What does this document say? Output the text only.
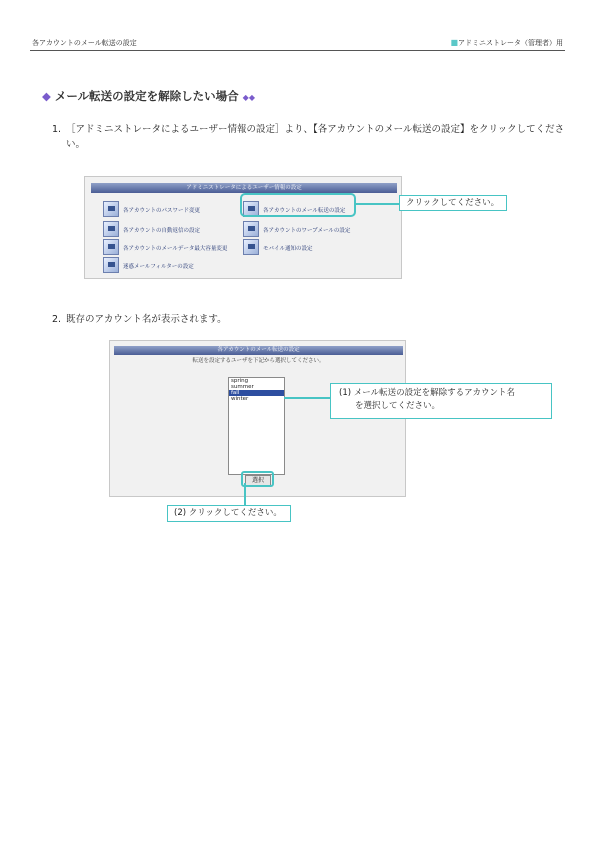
各アカウントのメール転送の設定	■アドミニストレータ（管理者）用
◆ メール転送の設定を解除したい場合 ◆◆
1. ［アドミニストレータによるユーザー情報の設定］より、【各アカウントのメール転送の設定】をクリックしてください。
アドミニストレータによるユーザー情報の設定
各アカウントのパスワード変更	各アカウントのメール転送の設定
各アカウントの自動返信の設定	各アカウントのワープメールの設定
各アカウントのメールデータ最大容量変更	モバイル通知の設定
迷惑メールフィルターの設定
クリックしてください。
2. 既存のアカウント名が表示されます。
各アカウントのメール転送の設定
転送を設定するユーザを下記から選択してください。
spring
summer
fall
winter
選択
(1) メール転送の設定を解除するアカウント名
を選択してください。
(2) クリックしてください。
